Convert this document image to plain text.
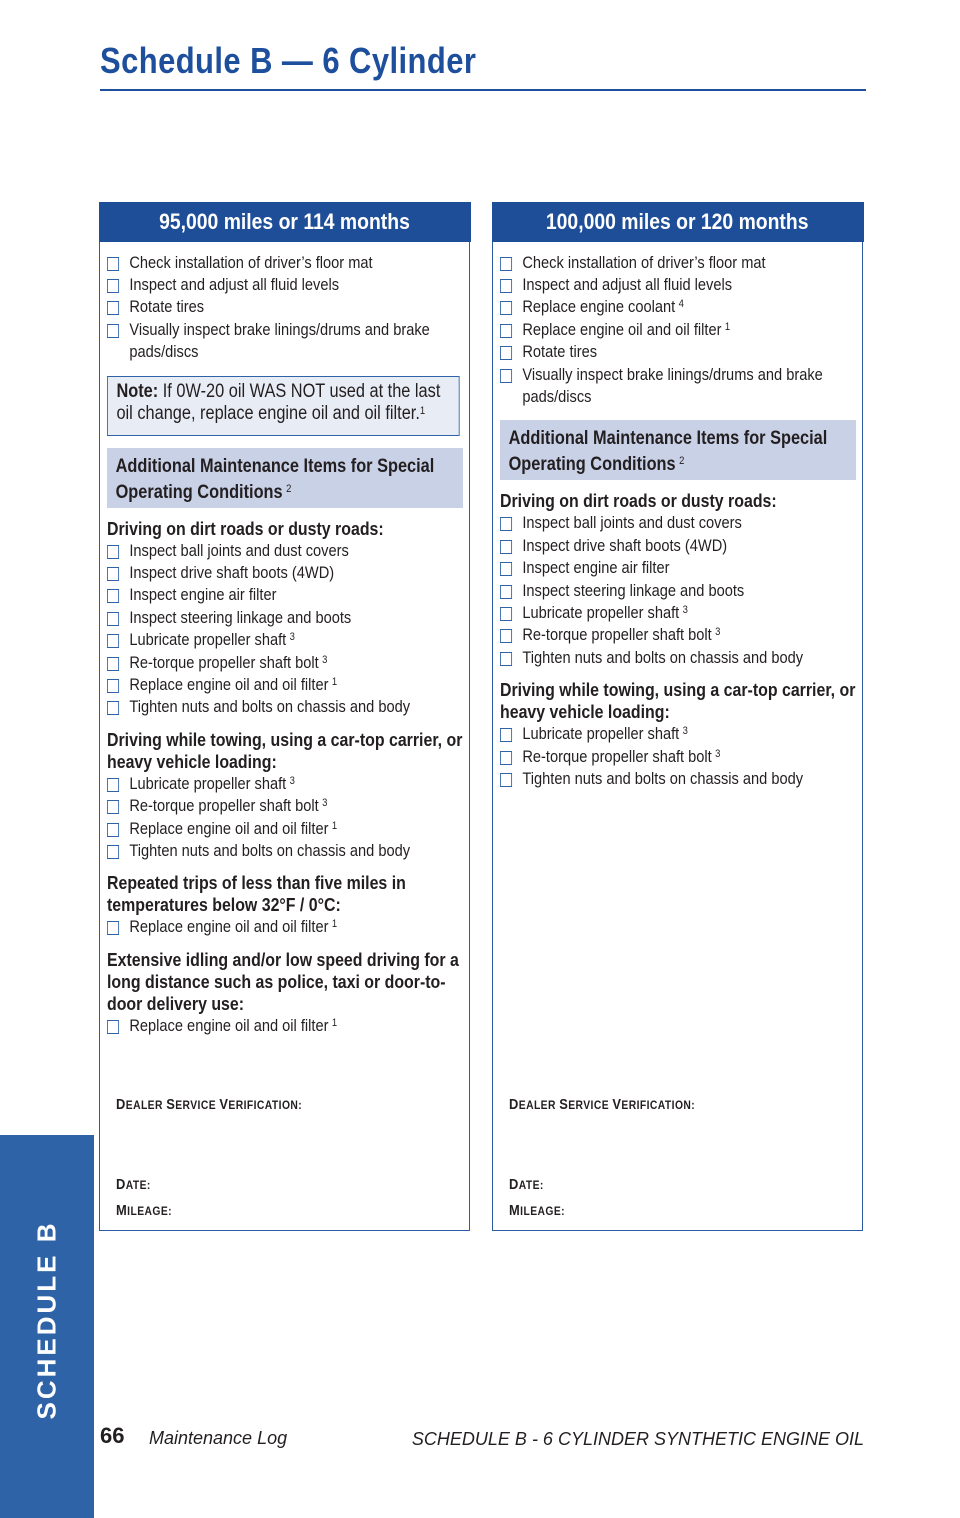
Schedule B — 6 Cylinder
SCHEDULE B
95,000 miles or 114 months
Check installation of driver’s floor mat
Inspect and adjust all fluid levels
Rotate tires
Visually inspect brake linings/drums and brake pads/discs
Note: If 0W-20 oil WAS NOT used at the last oil change, replace engine oil and oil filter.$^1$
Additional Maintenance Items for Special Operating Conditions $^2$
Driving on dirt roads or dusty roads:
Inspect ball joints and dust covers
Inspect drive shaft boots (4WD)
Inspect engine air filter
Inspect steering linkage and boots
Lubricate propeller shaft $^3$
Re-torque propeller shaft bolt $^3$
Replace engine oil and oil filter $^1$
Tighten nuts and bolts on chassis and body
Driving while towing, using a car-top carrier, or heavy vehicle loading:
Lubricate propeller shaft $^3$
Re-torque propeller shaft bolt $^3$
Replace engine oil and oil filter $^1$
Tighten nuts and bolts on chassis and body
Repeated trips of less than five miles in temperatures below 32°F / 0°C:
Replace engine oil and oil filter $^1$
Extensive idling and/or low speed driving for a long distance such as police, taxi or door-to-door delivery use:
Replace engine oil and oil filter $^1$
DEALER SERVICE VERIFICATION:
DATE:
MILEAGE:
100,000 miles or 120 months
Check installation of driver’s floor mat
Inspect and adjust all fluid levels
Replace engine coolant $^4$
Replace engine oil and oil filter $^1$
Rotate tires
Visually inspect brake linings/drums and brake pads/discs
Additional Maintenance Items for Special Operating Conditions $^2$
Driving on dirt roads or dusty roads:
Inspect ball joints and dust covers
Inspect drive shaft boots (4WD)
Inspect engine air filter
Inspect steering linkage and boots
Lubricate propeller shaft $^3$
Re-torque propeller shaft bolt $^3$
Tighten nuts and bolts on chassis and body
Driving while towing, using a car-top carrier, or heavy vehicle loading:
Lubricate propeller shaft $^3$
Re-torque propeller shaft bolt $^3$
Tighten nuts and bolts on chassis and body
DEALER SERVICE VERIFICATION:
DATE:
MILEAGE:
66 Maintenance Log	SCHEDULE B - 6 CYLINDER SYNTHETIC ENGINE OIL
